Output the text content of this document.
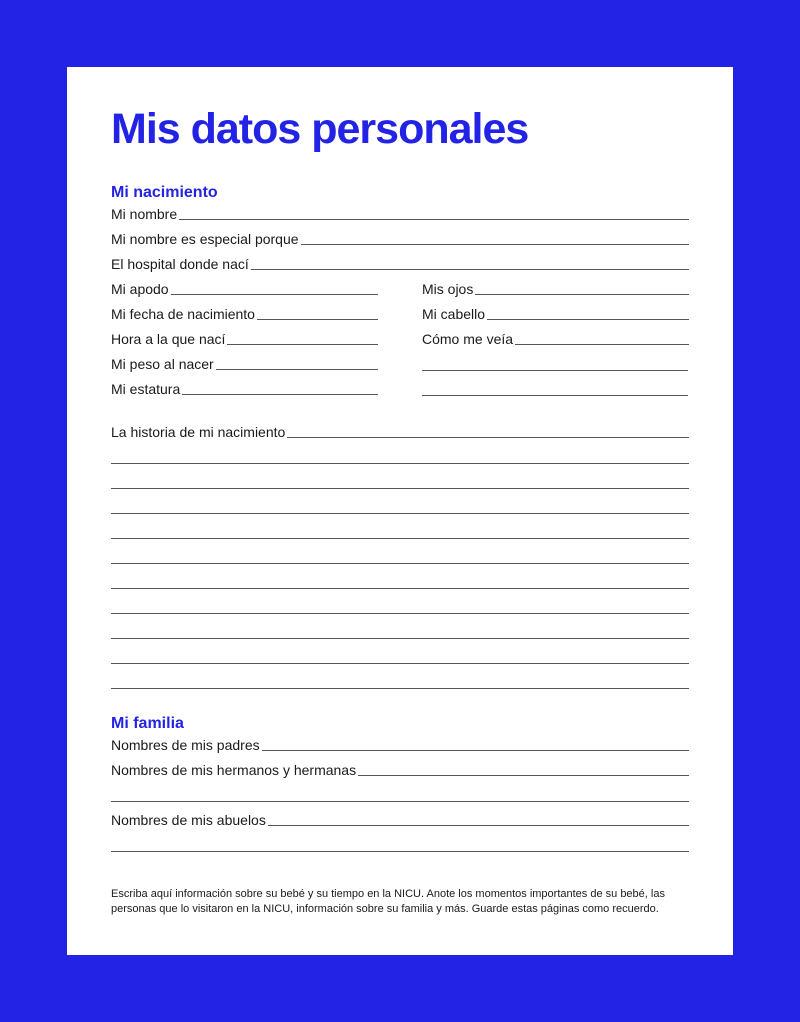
Mis datos personales
Mi nacimiento
Mi nombre
Mi nombre es especial porque
El hospital donde nací
Mi apodo
Mi fecha de nacimiento
Hora a la que nací
Mi peso al nacer
Mi estatura
Mis ojos
Mi cabello
Cómo me veía
La historia de mi nacimiento
Mi familia
Nombres de mis padres
Nombres de mis hermanos y hermanas
Nombres de mis abuelos

Escriba aquí información sobre su bebé y su tiempo en la NICU. Anote los momentos importantes de su bebé, las personas que lo visitaron en la NICU, información sobre su familia y más. Guarde estas páginas como recuerdo.
